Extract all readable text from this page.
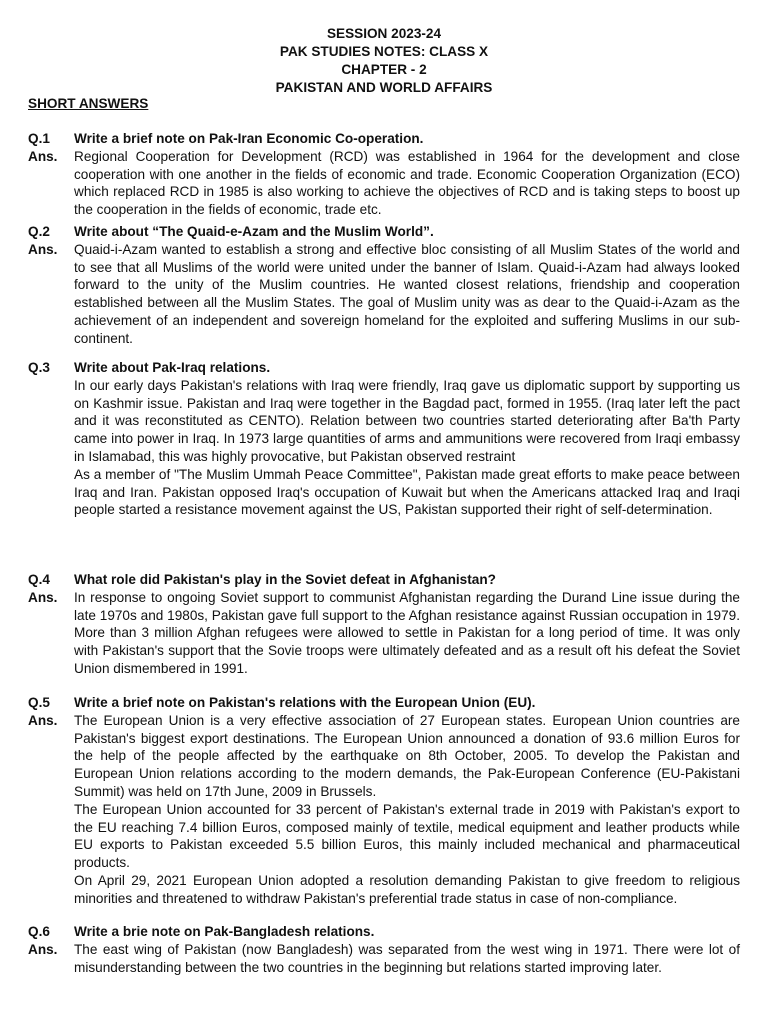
SESSION 2023-24
PAK STUDIES NOTES: CLASS X
CHAPTER - 2
PAKISTAN AND WORLD AFFAIRS
SHORT ANSWERS
Q.1	Write a brief note on Pak-Iran Economic Co-operation.
Ans.	Regional Cooperation for Development (RCD) was established in 1964 for the development and close cooperation with one another in the fields of economic and trade. Economic Cooperation Organization (ECO) which replaced RCD in 1985 is also working to achieve the objectives of RCD and is taking steps to boost up the cooperation in the fields of economic, trade etc.
Q.2	Write about “The Quaid-e-Azam and the Muslim World”.
Ans.	Quaid-i-Azam wanted to establish a strong and effective bloc consisting of all Muslim States of the world and to see that all Muslims of the world were united under the banner of Islam. Quaid-i-Azam had always looked forward to the unity of the Muslim countries. He wanted closest relations, friendship and cooperation established between all the Muslim States. The goal of Muslim unity was as dear to the Quaid-i-Azam as the achievement of an independent and sovereign homeland for the exploited and suffering Muslims in our sub-continent.
Q.3	Write about Pak-Iraq relations.
In our early days Pakistan's relations with Iraq were friendly, Iraq gave us diplomatic support by supporting us on Kashmir issue. Pakistan and Iraq were together in the Bagdad pact, formed in 1955. (Iraq later left the pact and it was reconstituted as CENTO). Relation between two countries started deteriorating after Ba'th Party came into power in Iraq. In 1973 large quantities of arms and ammunitions were recovered from Iraqi embassy in Islamabad, this was highly provocative, but Pakistan observed restraint
As a member of "The Muslim Ummah Peace Committee", Pakistan made great efforts to make peace between Iraq and Iran. Pakistan opposed Iraq's occupation of Kuwait but when the Americans attacked Iraq and Iraqi people started a resistance movement against the US, Pakistan supported their right of self-determination.
Q.4	What role did Pakistan's play in the Soviet defeat in Afghanistan?
Ans.	In response to ongoing Soviet support to communist Afghanistan regarding the Durand Line issue during the late 1970s and 1980s, Pakistan gave full support to the Afghan resistance against Russian occupation in 1979. More than 3 million Afghan refugees were allowed to settle in Pakistan for a long period of time. It was only with Pakistan's support that the Sovie troops were ultimately defeated and as a result oft his defeat the Soviet Union dismembered in 1991.
Q.5	Write a brief note on Pakistan's relations with the European Union (EU).
Ans.	The European Union is a very effective association of 27 European states. European Union countries are Pakistan's biggest export destinations. The European Union announced a donation of 93.6 million Euros for the help of the people affected by the earthquake on 8th October, 2005. To develop the Pakistan and European Union relations according to the modern demands, the Pak-European Conference (EU-Pakistani Summit) was held on 17th June, 2009 in Brussels.
The European Union accounted for 33 percent of Pakistan's external trade in 2019 with Pakistan's export to the EU reaching 7.4 billion Euros, composed mainly of textile, medical equipment and leather products while EU exports to Pakistan exceeded 5.5 billion Euros, this mainly included mechanical and pharmaceutical products.
On April 29, 2021 European Union adopted a resolution demanding Pakistan to give freedom to religious minorities and threatened to withdraw Pakistan's preferential trade status in case of non-compliance.
Q.6	Write a brie note on Pak-Bangladesh relations.
Ans.	The east wing of Pakistan (now Bangladesh) was separated from the west wing in 1971. There were lot of misunderstanding between the two countries in the beginning but relations started improving later.
